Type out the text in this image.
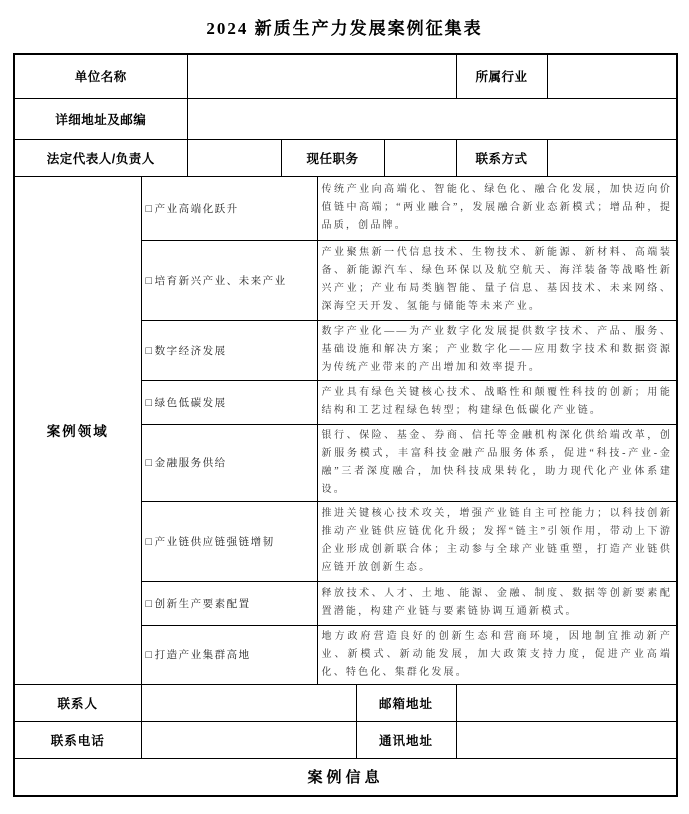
2024 新质生产力发展案例征集表
单位名称							所属行业	
详细地址及邮编								
法定代表人/负责人			现任职务				联系方式	
案例领域	□产业高端化跃升			传统产业向高端化、智能化、绿色化、融合化发展，加快迈向价值链中高端；“两业融合”，发展融合新业态新模式；增品种，提品质，创品牌。				
	□培育新兴产业、未来产业			产业聚焦新一代信息技术、生物技术、新能源、新材料、高端装备、新能源汽车、绿色环保以及航空航天、海洋装备等战略性新兴产业；产业布局类脑智能、量子信息、基因技术、未来网络、深海空天开发、氢能与储能等未来产业。				
	□数字经济发展			数字产业化——为产业数字化发展提供数字技术、产品、服务、基础设施和解决方案；产业数字化——应用数字技术和数据资源为传统产业带来的产出增加和效率提升。				
	□绿色低碳发展			产业具有绿色关键核心技术、战略性和颠覆性科技的创新；用能结构和工艺过程绿色转型；构建绿色低碳化产业链。				
	□金融服务供给			银行、保险、基金、券商、信托等金融机构深化供给端改革，创新服务模式，丰富科技金融产品服务体系，促进“科技-产业-金融”三者深度融合，加快科技成果转化，助力现代化产业体系建设。				
	□产业链供应链强链增韧			推进关键核心技术攻关，增强产业链自主可控能力；以科技创新推动产业链供应链优化升级；发挥“链主”引领作用，带动上下游企业形成创新联合体；主动参与全球产业链重塑，打造产业链供应链开放创新生态。				
	□创新生产要素配置			释放技术、人才、土地、能源、金融、制度、数据等创新要素配置潜能，构建产业链与要素链协调互通新模式。				
	□打造产业集群高地			地方政府营造良好的创新生态和营商环境，因地制宜推动新产业、新模式、新动能发展，加大政策支持力度，促进产业高端化、特色化、集群化发展。				
联系人					邮箱地址			
联系电话					通讯地址			
案例信息								
